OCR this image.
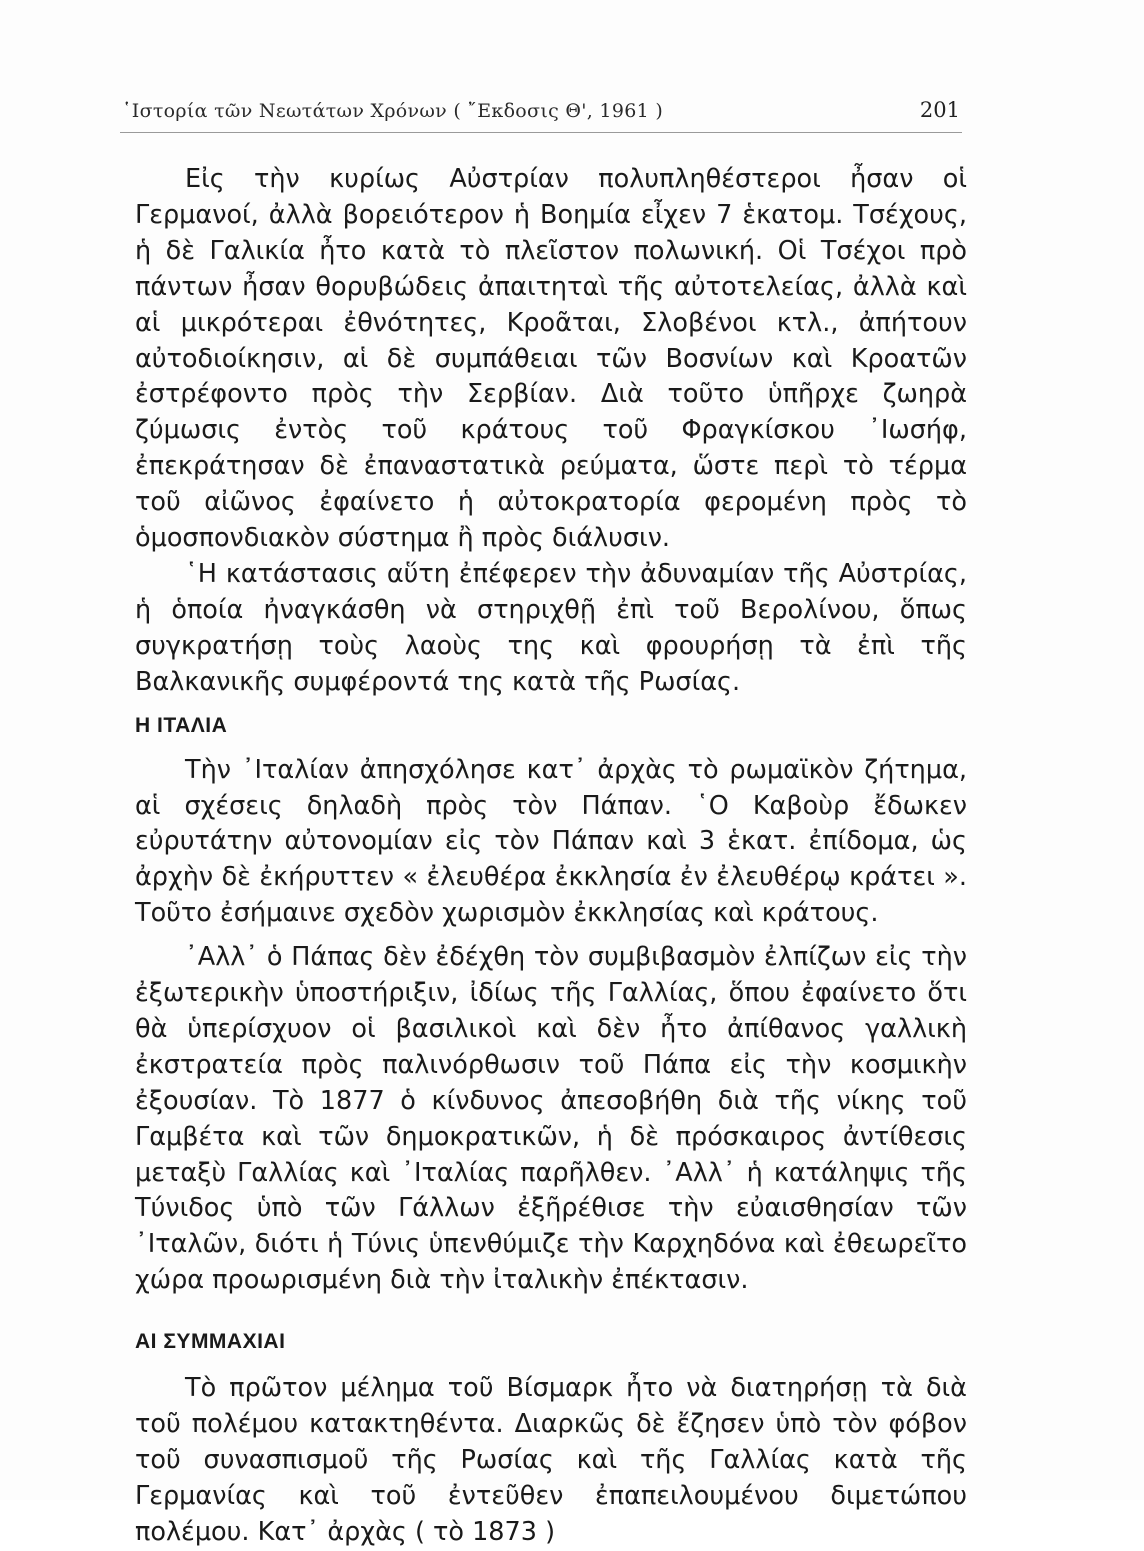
῾Ιστορία τῶν Νεωτάτων Χρόνων ( ῎Εκδοσις Θ', 1961 )	201

Εἰς τὴν κυρίως Αὐστρίαν πολυπληθέστεροι ἦσαν οἱ Γερμανοί, ἀλλὰ βορειότερον ἡ Βοημία εἶχεν 7 ἑκατομ. Τσέχους, ἡ δὲ Γαλικία ἦτο κατὰ τὸ πλεῖστον πολωνική. Οἱ Τσέχοι πρὸ πάντων ἦσαν θορυβώδεις ἀπαιτηταὶ τῆς αὐτοτελείας, ἀλλὰ καὶ αἱ μικρότεραι ἐθνότητες, Κροᾶται, Σλοβένοι κτλ., ἀπήτουν αὐτοδιοίκησιν, αἱ δὲ συμπάθειαι τῶν Βοσνίων καὶ Κροατῶν ἐστρέφοντο πρὸς τὴν Σερβίαν. Διὰ τοῦτο ὑπῆρχε ζωηρὰ ζύμωσις ἐντὸς τοῦ κράτους τοῦ Φραγκίσκου ᾿Ιωσήφ, ἐπεκράτησαν δὲ ἐπαναστατικὰ ρεύματα, ὥστε περὶ τὸ τέρμα τοῦ αἰῶνος ἐφαίνετο ἡ αὐτοκρατορία φερομένη πρὸς τὸ ὁμοσπονδιακὸν σύστημα ἢ πρὸς διάλυσιν.

῾Η κατάστασις αὕτη ἐπέφερεν τὴν ἀδυναμίαν τῆς Αὐστρίας, ἡ ὁποία ἠναγκάσθη νὰ στηριχθῇ ἐπὶ τοῦ Βερολίνου, ὅπως συγκρατήσῃ τοὺς λαοὺς της καὶ φρουρήσῃ τὰ ἐπὶ τῆς Βαλκανικῆς συμφέροντά της κατὰ τῆς Ρωσίας.

Η ΙΤΑΛΙΑ

Τὴν ᾿Ιταλίαν ἀπησχόλησε κατ᾿ ἀρχὰς τὸ ρωμαϊκὸν ζήτημα, αἱ σχέσεις δηλαδὴ πρὸς τὸν Πάπαν. ῾Ο Καβοὺρ ἔδωκεν εὐρυτάτην αὐτονομίαν εἰς τὸν Πάπαν καὶ 3 ἑκατ. ἐπίδομα, ὡς ἀρχὴν δὲ ἐκήρυττεν « ἐλευθέρα ἐκκλησία ἐν ἐλευθέρῳ κράτει ». Τοῦτο ἐσήμαινε σχεδὸν χωρισμὸν ἐκκλησίας καὶ κράτους.

᾿Αλλ᾿ ὁ Πάπας δὲν ἐδέχθη τὸν συμβιβασμὸν ἐλπίζων εἰς τὴν ἐξωτερικὴν ὑποστήριξιν, ἰδίως τῆς Γαλλίας, ὅπου ἐφαίνετο ὅτι θὰ ὑπερίσχυον οἱ βασιλικοὶ καὶ δὲν ἦτο ἀπίθανος γαλλικὴ ἐκστρατεία πρὸς παλινόρθωσιν τοῦ Πάπα εἰς τὴν κοσμικὴν ἐξουσίαν. Τὸ 1877 ὁ κίνδυνος ἀπεσοβήθη διὰ τῆς νίκης τοῦ Γαμβέτα καὶ τῶν δημοκρατικῶν, ἡ δὲ πρόσκαιρος ἀντίθεσις μεταξὺ Γαλλίας καὶ ᾿Ιταλίας παρῆλθεν. ᾿Αλλ᾿ ἡ κατάληψις τῆς Τύνιδος ὑπὸ τῶν Γάλλων ἐξῆρέθισε τὴν εὐαισθησίαν τῶν ᾿Ιταλῶν, διότι ἡ Τύνις ὑπενθύμιζε τὴν Καρχηδόνα καὶ ἐθεωρεῖτο χώρα προωρισμένη διὰ τὴν ἰταλικὴν ἐπέκτασιν.

ΑΙ ΣΥΜΜΑΧΙΑΙ

Τὸ πρῶτον μέλημα τοῦ Βίσμαρκ ἦτο νὰ διατηρήσῃ τὰ διὰ τοῦ πολέμου κατακτηθέντα. Διαρκῶς δὲ ἔζησεν ὑπὸ τὸν φόβον τοῦ συνασπισμοῦ τῆς Ρωσίας καὶ τῆς Γαλλίας κατὰ τῆς Γερμανίας καὶ τοῦ ἐντεῦθεν ἐπαπειλουμένου διμετώπου πολέμου. Κατ᾿ ἀρχὰς ( τὸ 1873 )
